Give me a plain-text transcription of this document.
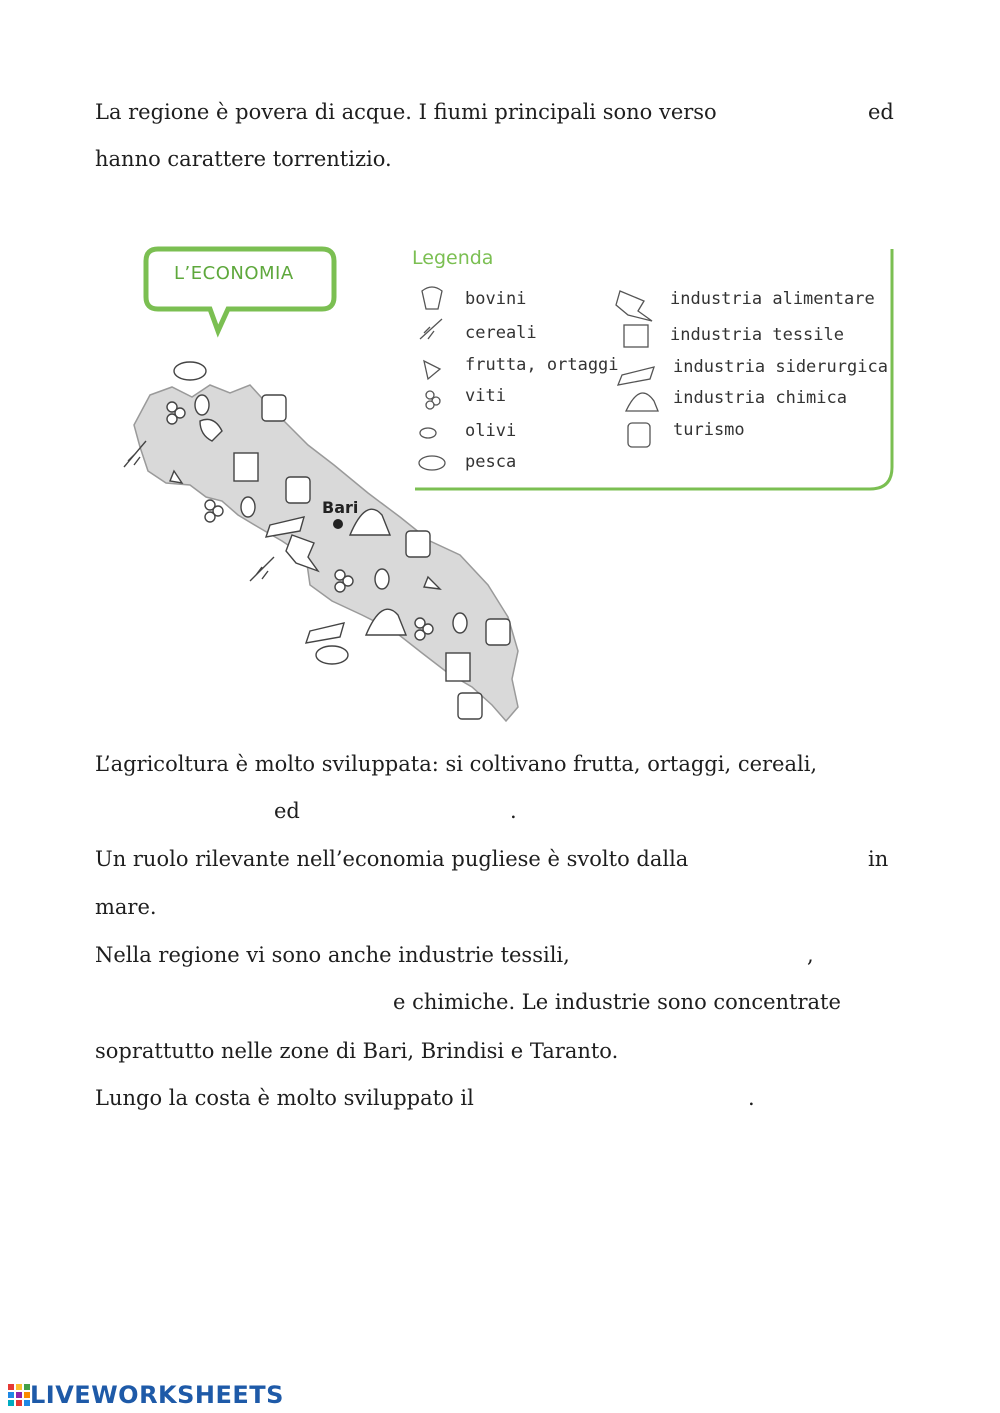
La regione è povera di acque. I fiumi principali sono verso	ed
hanno carattere torrentizio.
L’ECONOMIA
Legenda
Bari
bovini
cereali
frutta, ortaggi
viti
olivi
pesca
industria alimentare
industria tessile
industria siderurgica
industria chimica
turismo
L’agricoltura è molto sviluppata: si coltivano frutta, ortaggi, cereali,
ed	.
Un ruolo rilevante nell’economia pugliese è svolto dalla	in
mare.
Nella regione vi sono anche industrie tessili,	,
e chimiche. Le industrie sono concentrate
soprattutto nelle zone di Bari, Brindisi e Taranto.
Lungo la costa è molto sviluppato il	.
LIVEWORKSHEETS
